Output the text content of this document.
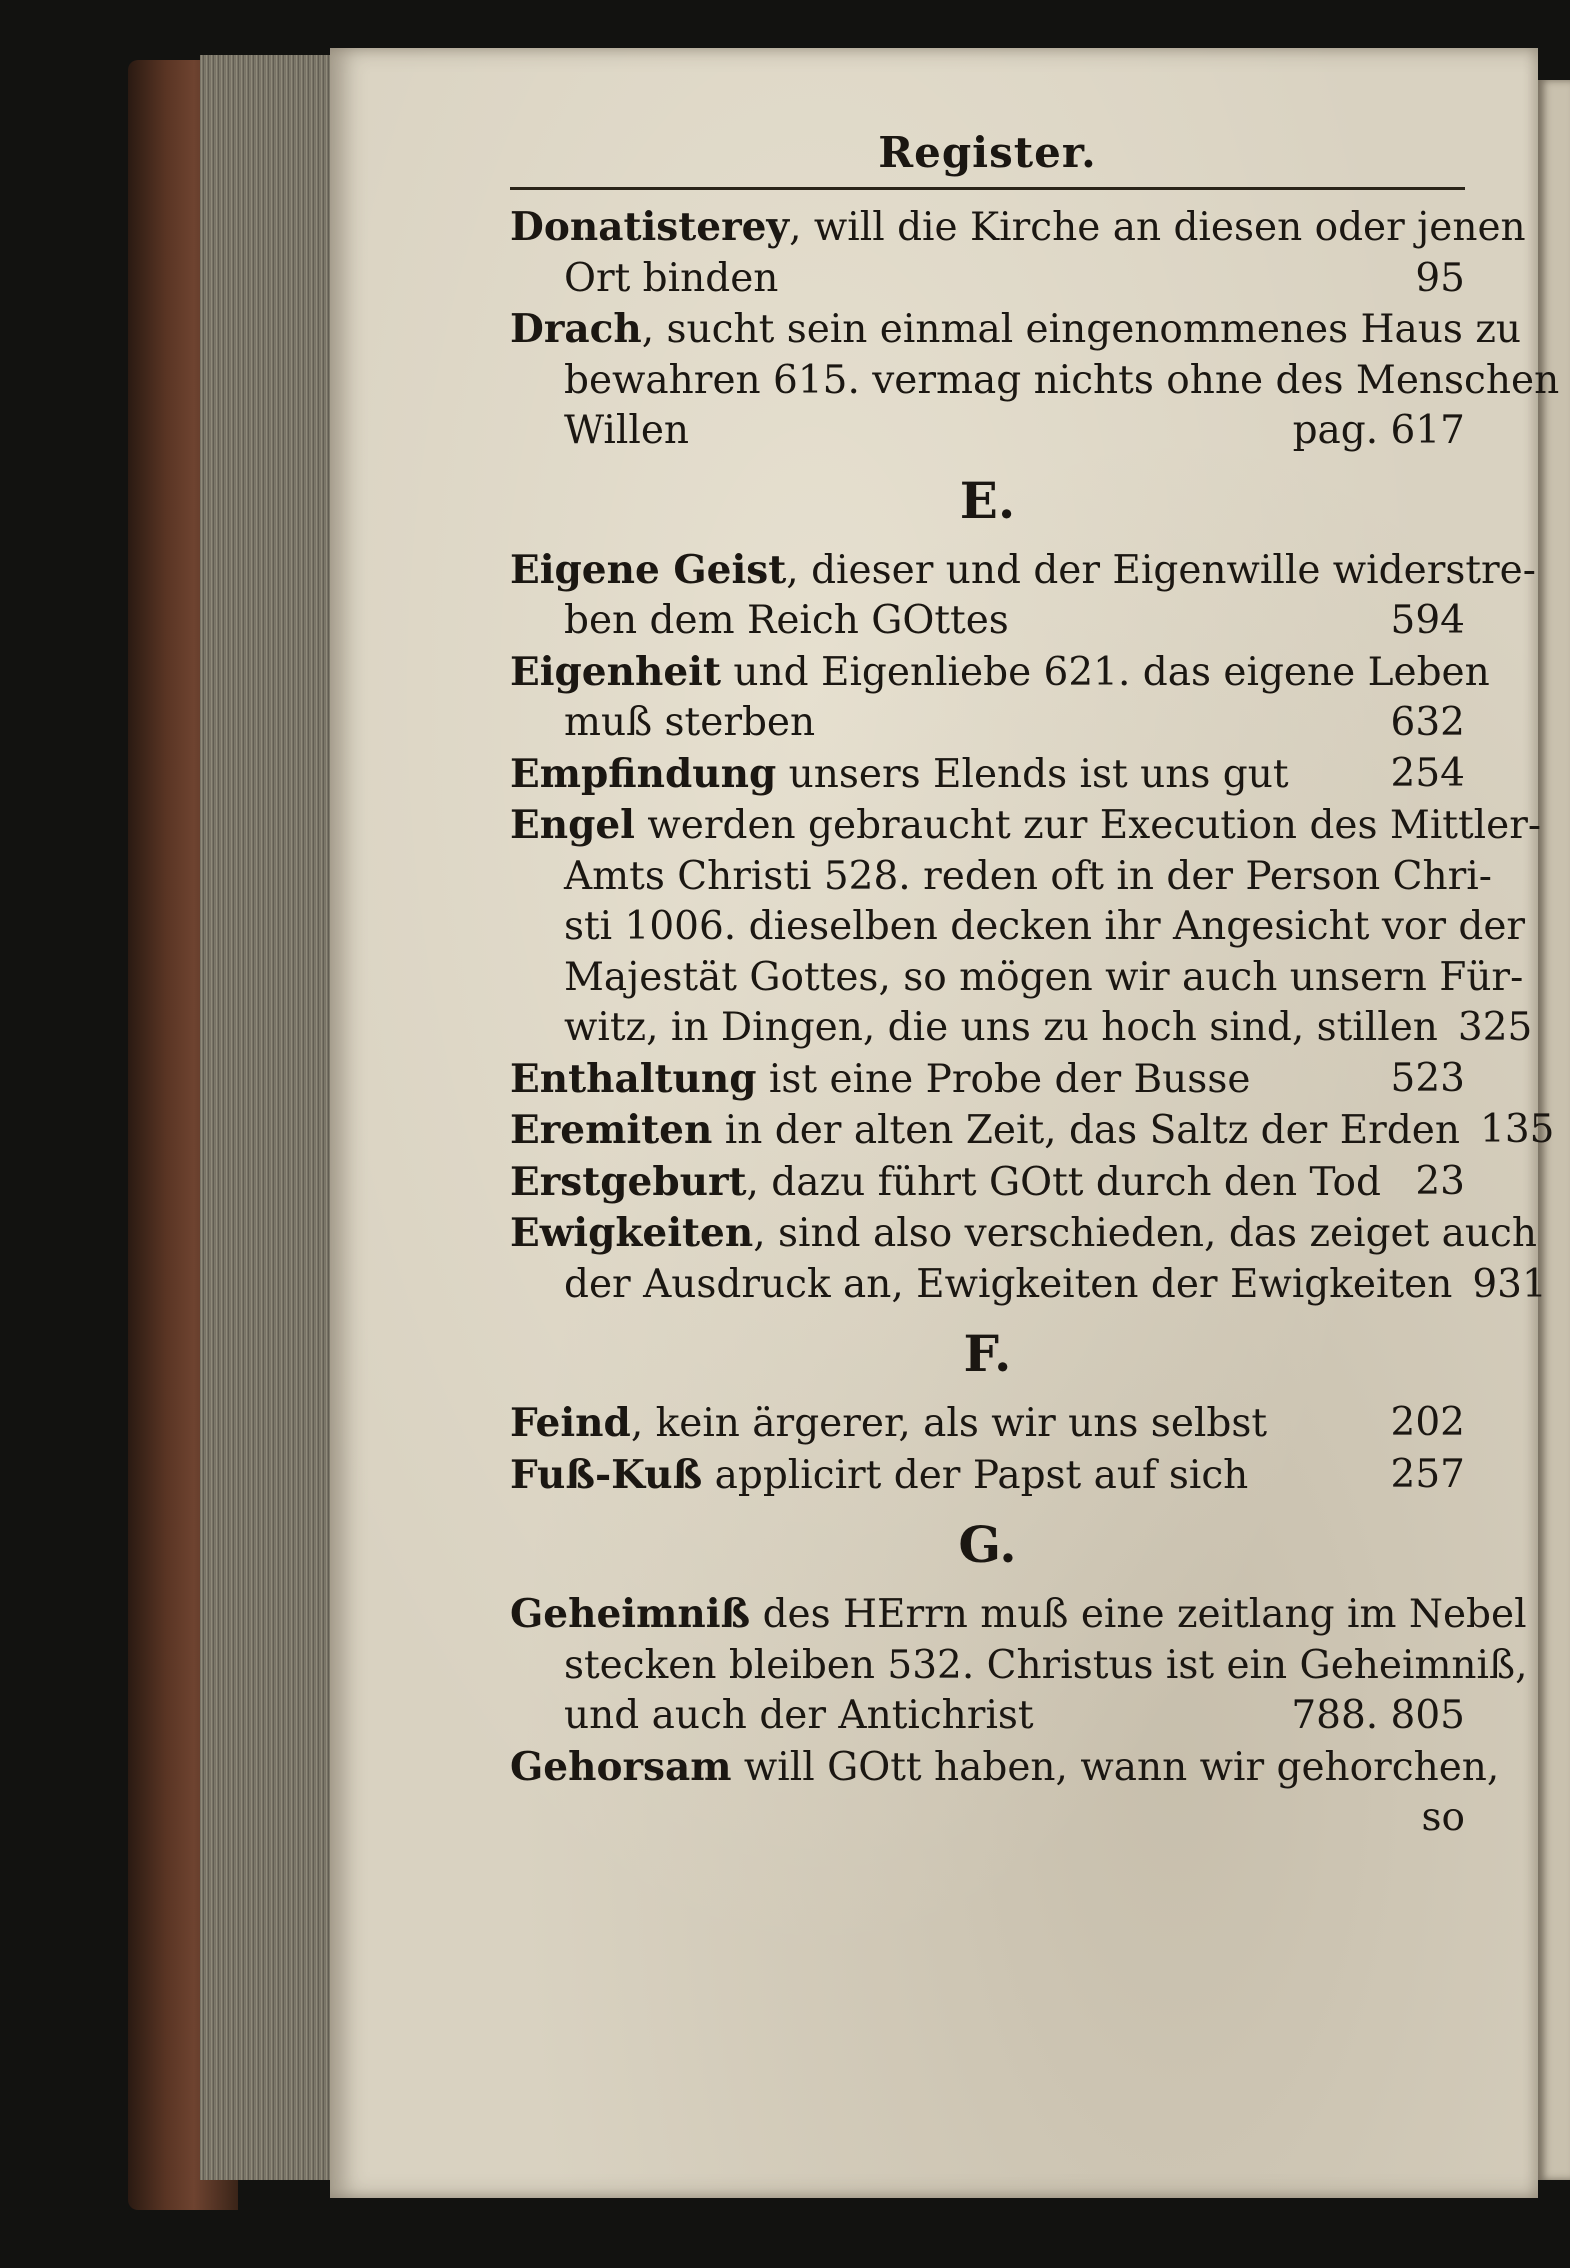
Register.
Donatisterey, will die Kirche an diesen oder jenen
Ort binden	95
Drach, sucht sein einmal eingenommenes Haus zu
bewahren 615. vermag nichts ohne des Menschen
Willen	pag. 617
E.
Eigene Geist, dieser und der Eigenwille widerstre-
ben dem Reich GOttes	594
Eigenheit und Eigenliebe 621. das eigene Leben
muß sterben	632
Empfindung unsers Elends ist uns gut	254
Engel werden gebraucht zur Execution des Mittler-
Amts Christi 528. reden oft in der Person Chri-
sti 1006. dieselben decken ihr Angesicht vor der
Majestät Gottes, so mögen wir auch unsern Für-
witz, in Dingen, die uns zu hoch sind, stillen 325
Enthaltung ist eine Probe der Busse	523
Eremiten in der alten Zeit, das Saltz der Erden 135
Erstgeburt, dazu führt GOtt durch den Tod 23
Ewigkeiten, sind also verschieden, das zeiget auch
der Ausdruck an, Ewigkeiten der Ewigkeiten 931
F.
Feind, kein ärgerer, als wir uns selbst	202
Fuß-Kuß applicirt der Papst auf sich	257
G.
Geheimniß des HErrn muß eine zeitlang im Nebel
stecken bleiben 532. Christus ist ein Geheimniß,
und auch der Antichrist	788. 805
Gehorsam will GOtt haben, wann wir gehorchen,
so
